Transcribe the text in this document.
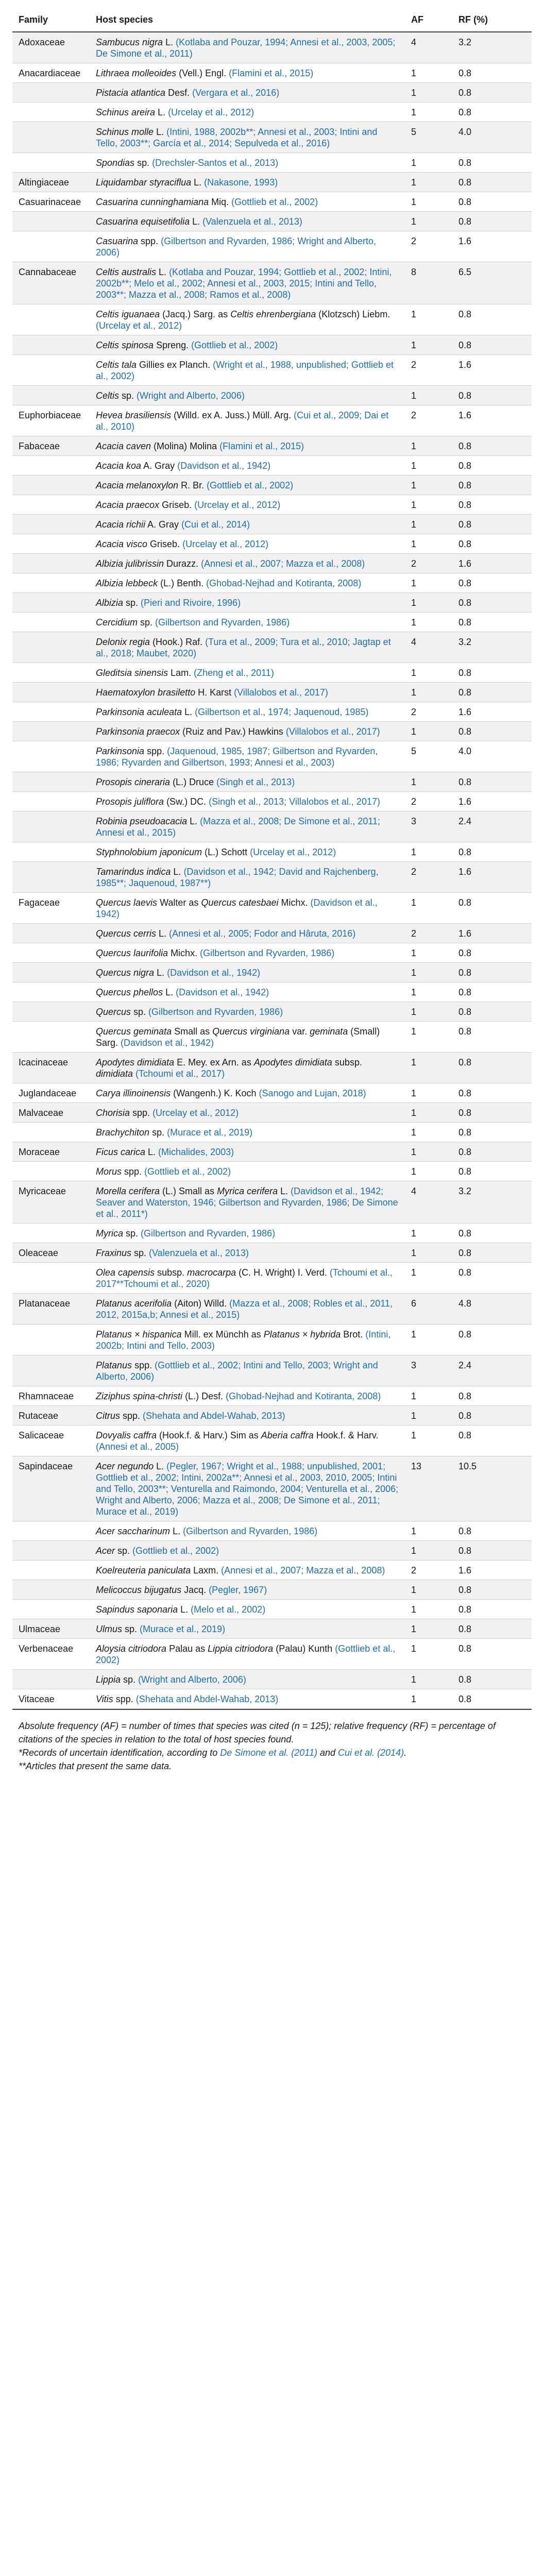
Family	Host species	AF	RF (%)
Adoxaceae	Sambucus nigra L. (Kotlaba and Pouzar, 1994; Annesi et al., 2003, 2005; De Simone et al., 2011)	4	3.2
Anacardiaceae	Lithraea molleoides (Vell.) Engl. (Flamini et al., 2015)	1	0.8
	Pistacia atlantica Desf. (Vergara et al., 2016)	1	0.8
	Schinus areira L. (Urcelay et al., 2012)	1	0.8
	Schinus molle L. (Intini, 1988, 2002b**; Annesi et al., 2003; Intini and Tello, 2003**; García et al., 2014; Sepulveda et al., 2016)	5	4.0
	Spondias sp. (Drechsler-Santos et al., 2013)	1	0.8
Altingiaceae	Liquidambar styraciflua L. (Nakasone, 1993)	1	0.8
Casuarinaceae	Casuarina cunninghamiana Miq. (Gottlieb et al., 2002)	1	0.8
	Casuarina equisetifolia L. (Valenzuela et al., 2013)	1	0.8
	Casuarina spp. (Gilbertson and Ryvarden, 1986; Wright and Alberto, 2006)	2	1.6
Cannabaceae	Celtis australis L. (Kotlaba and Pouzar, 1994; Gottlieb et al., 2002; Intini, 2002b**; Melo et al., 2002; Annesi et al., 2003, 2015; Intini and Tello, 2003**; Mazza et al., 2008; Ramos et al., 2008)	8	6.5
	Celtis iguanaea (Jacq.) Sarg. as Celtis ehrenbergiana (Klotzsch) Liebm. (Urcelay et al., 2012)	1	0.8
	Celtis spinosa Spreng. (Gottlieb et al., 2002)	1	0.8
	Celtis tala Gillies ex Planch. (Wright et al., 1988, unpublished; Gottlieb et al., 2002)	2	1.6
	Celtis sp. (Wright and Alberto, 2006)	1	0.8
Euphorbiaceae	Hevea brasiliensis (Willd. ex A. Juss.) Müll. Arg. (Cui et al., 2009; Dai et al., 2010)	2	1.6
Fabaceae	Acacia caven (Molina) Molina (Flamini et al., 2015)	1	0.8
	Acacia koa A. Gray (Davidson et al., 1942)	1	0.8
	Acacia melanoxylon R. Br. (Gottlieb et al., 2002)	1	0.8
	Acacia praecox Griseb. (Urcelay et al., 2012)	1	0.8
	Acacia richii A. Gray (Cui et al., 2014)	1	0.8
	Acacia visco Griseb. (Urcelay et al., 2012)	1	0.8
	Albizia julibrissin Durazz. (Annesi et al., 2007; Mazza et al., 2008)	2	1.6
	Albizia lebbeck (L.) Benth. (Ghobad-Nejhad and Kotiranta, 2008)	1	0.8
	Albizia sp. (Pieri and Rivoire, 1996)	1	0.8
	Cercidium sp. (Gilbertson and Ryvarden, 1986)	1	0.8
	Delonix regia (Hook.) Raf. (Tura et al., 2009; Tura et al., 2010; Jagtap et al., 2018; Maubet, 2020)	4	3.2
	Gleditsia sinensis Lam. (Zheng et al., 2011)	1	0.8
	Haematoxylon brasiletto H. Karst (Villalobos et al., 2017)	1	0.8
	Parkinsonia aculeata L. (Gilbertson et al., 1974; Jaquenoud, 1985)	2	1.6
	Parkinsonia praecox (Ruiz and Pav.) Hawkins (Villalobos et al., 2017)	1	0.8
	Parkinsonia spp. (Jaquenoud, 1985, 1987; Gilbertson and Ryvarden, 1986; Ryvarden and Gilbertson, 1993; Annesi et al., 2003)	5	4.0
	Prosopis cinerar​ia (L.) Druce (Singh et al., 2013)	1	0.8
	Prosopis juliflora (Sw.) DC. (Singh et al., 2013; Villalobos et al., 2017)	2	1.6
	Robinia pseudoacacia L. (Mazza et al., 2008; De Simone et al., 2011; Annesi et al., 2015)	3	2.4
	Styphnolobium japonicum (L.) Schott (Urcelay et al., 2012)	1	0.8
	Tamarindus indica L. (Davidson et al., 1942; David and Rajchenberg, 1985**; Jaquenoud, 1987**)	2	1.6
Fagaceae	Quercus laevis Walter as Quercus catesbaei Michx. (Davidson et al., 1942)	1	0.8
	Quercus cerris L. (Annesi et al., 2005; Fodor and Hâruta, 2016)	2	1.6
	Quercus laurifolia Michx. (Gilbertson and Ryvarden, 1986)	1	0.8
	Quercus nigra L. (Davidson et al., 1942)	1	0.8
	Quercus phellos L. (Davidson et al., 1942)	1	0.8
	Quercus sp. (Gilbertson and Ryvarden, 1986)	1	0.8
	Quercus geminata Small as Quercus virginiana var. geminata (Small) Sarg. (Davidson et al., 1942)	1	0.8
Icacinaceae	Apodytes dimidiata E. Mey. ex Arn. as Apodytes dimidiata subsp. dimidiata (Tchoumi et al., 2017)	1	0.8
Juglandaceae	Carya illinoinensis (Wangenh.) K. Koch (Sanogo and Lujan, 2018)	1	0.8
Malvaceae	Chorisia spp. (Urcelay et al., 2012)	1	0.8
	Brachychiton sp. (Murace et al., 2019)	1	0.8
Moraceae	Ficus carica L. (Michalides, 2003)	1	0.8
	Morus spp. (Gottlieb et al., 2002)	1	0.8
Myricaceae	Morella cerifera (L.) Small as Myrica cerifera L. (Davidson et al., 1942; Seaver and Waterston, 1946; Gilbertson and Ryvarden, 1986; De Simone et al., 2011*)	4	3.2
	Myrica sp. (Gilbertson and Ryvarden, 1986)	1	0.8
Oleaceae	Fraxinus sp. (Valenzuela et al., 2013)	1	0.8
	Olea capensis subsp. macrocarpa (C. H. Wright) I. Verd. (Tchoumi et al., 2017**Tchoumi et al., 2020)	1	0.8
Platanaceae	Platanus acerifolia (Aiton) Willd. (Mazza et al., 2008; Robles et al., 2011, 2012, 2015a,b; Annesi et al., 2015)	6	4.8
	Platanus × hispanica Mill. ex Münchh as Platanus × hybrida Brot. (Intini, 2002b; Intini and Tello, 2003)	1	0.8
	Platanus spp. (Gottlieb et al., 2002; Intini and Tello, 2003; Wright and Alberto, 2006)	3	2.4
Rhamnaceae	Ziziphus spina-christi (L.) Desf. (Ghobad-Nejhad and Kotiranta, 2008)	1	0.8
Rutaceae	Citrus spp. (Shehata and Abdel-Wahab, 2013)	1	0.8
Salicaceae	Dovyalis caffra (Hook.f. & Harv.) Sim as Aberia caffra Hook.f. & Harv. (Annesi et al., 2005)	1	0.8
Sapindaceae	Acer negundo L. (Pegler, 1967; Wright et al., 1988; unpublished, 2001; Gottlieb et al., 2002; Intini, 2002a**; Annesi et al., 2003, 2010, 2005; Intini and Tello, 2003**; Venturella and Raimondo, 2004; Venturella et al., 2006; Wright and Alberto, 2006; Mazza et al., 2008; De Simone et al., 2011; Murace et al., 2019)	13	10.5
	Acer saccharinum L. (Gilbertson and Ryvarden, 1986)	1	0.8
	Acer sp. (Gottlieb et al., 2002)	1	0.8
	Koelreuteria paniculata Laxm. (Annesi et al., 2007; Mazza et al., 2008)	2	1.6
	Melicoccus bijugatus Jacq. (Pegler, 1967)	1	0.8
	Sapindus saponaria L. (Melo et al., 2002)	1	0.8
Ulmaceae	Ulmus sp. (Murace et al., 2019)	1	0.8
Verbenaceae	Aloysia citriodora Palau as Lippia citriodora (Palau) Kunth (Gottlieb et al., 2002)	1	0.8
	Lippia sp. (Wright and Alberto, 2006)	1	0.8
Vitaceae	Vitis spp. (Shehata and Abdel-Wahab, 2013)	1	0.8

Absolute frequency (AF) = number of times that species was cited (n = 125); relative frequency (RF) = percentage of citations of the species in relation to the total of host species found.

*Records of uncertain identification, according to De Simone et al. (2011) and Cui et al. (2014).

**Articles that present the same data.
